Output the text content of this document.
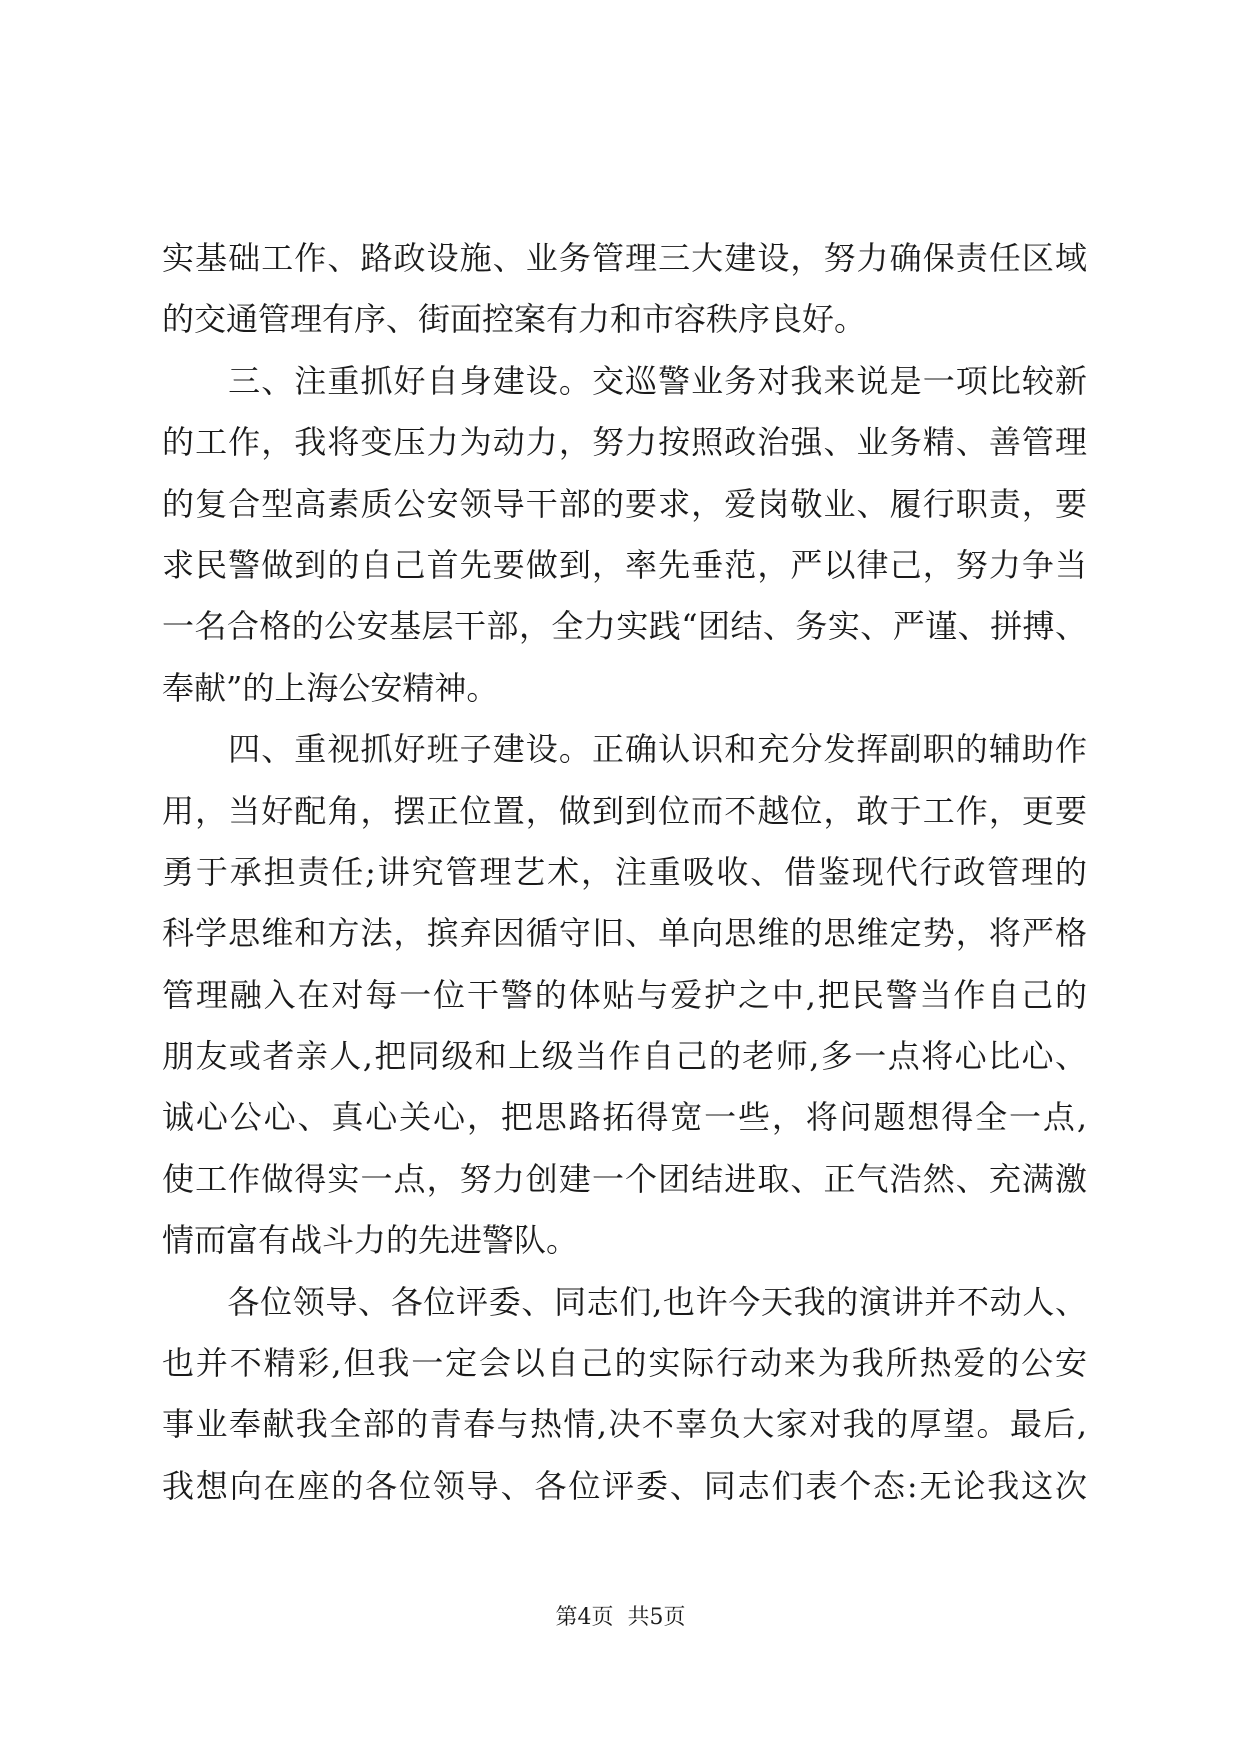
实基础工作、路政设施、业务管理三大建设，努力确保责任区域
的交通管理有序、街面控案有力和市容秩序良好。
　　三、注重抓好自身建设。交巡警业务对我来说是一项比较新
的工作，我将变压力为动力，努力按照政治强、业务精、善管理
的复合型高素质公安领导干部的要求，爱岗敬业、履行职责，要
求民警做到的自己首先要做到，率先垂范，严以律己，努力争当
一名合格的公安基层干部，全力实践“团结、务实、严谨、拼搏、
奉献”的上海公安精神。
　　四、重视抓好班子建设。正确认识和充分发挥副职的辅助作
用，当好配角，摆正位置，做到到位而不越位，敢于工作，更要
勇于承担责任;讲究管理艺术，注重吸收、借鉴现代行政管理的
科学思维和方法，摈弃因循守旧、单向思维的思维定势，将严格
管理融入在对每一位干警的体贴与爱护之中,把民警当作自己的
朋友或者亲人,把同级和上级当作自己的老师,多一点将心比心、
诚心公心、真心关心，把思路拓得宽一些，将问题想得全一点,
使工作做得实一点，努力创建一个团结进取、正气浩然、充满激
情而富有战斗力的先进警队。
　　各位领导、各位评委、同志们,也许今天我的演讲并不动人、
也并不精彩,但我一定会以自己的实际行动来为我所热爱的公安
事业奉献我全部的青春与热情,决不辜负大家对我的厚望。最后,
我想向在座的各位领导、各位评委、同志们表个态:无论我这次
第4页 共5页
